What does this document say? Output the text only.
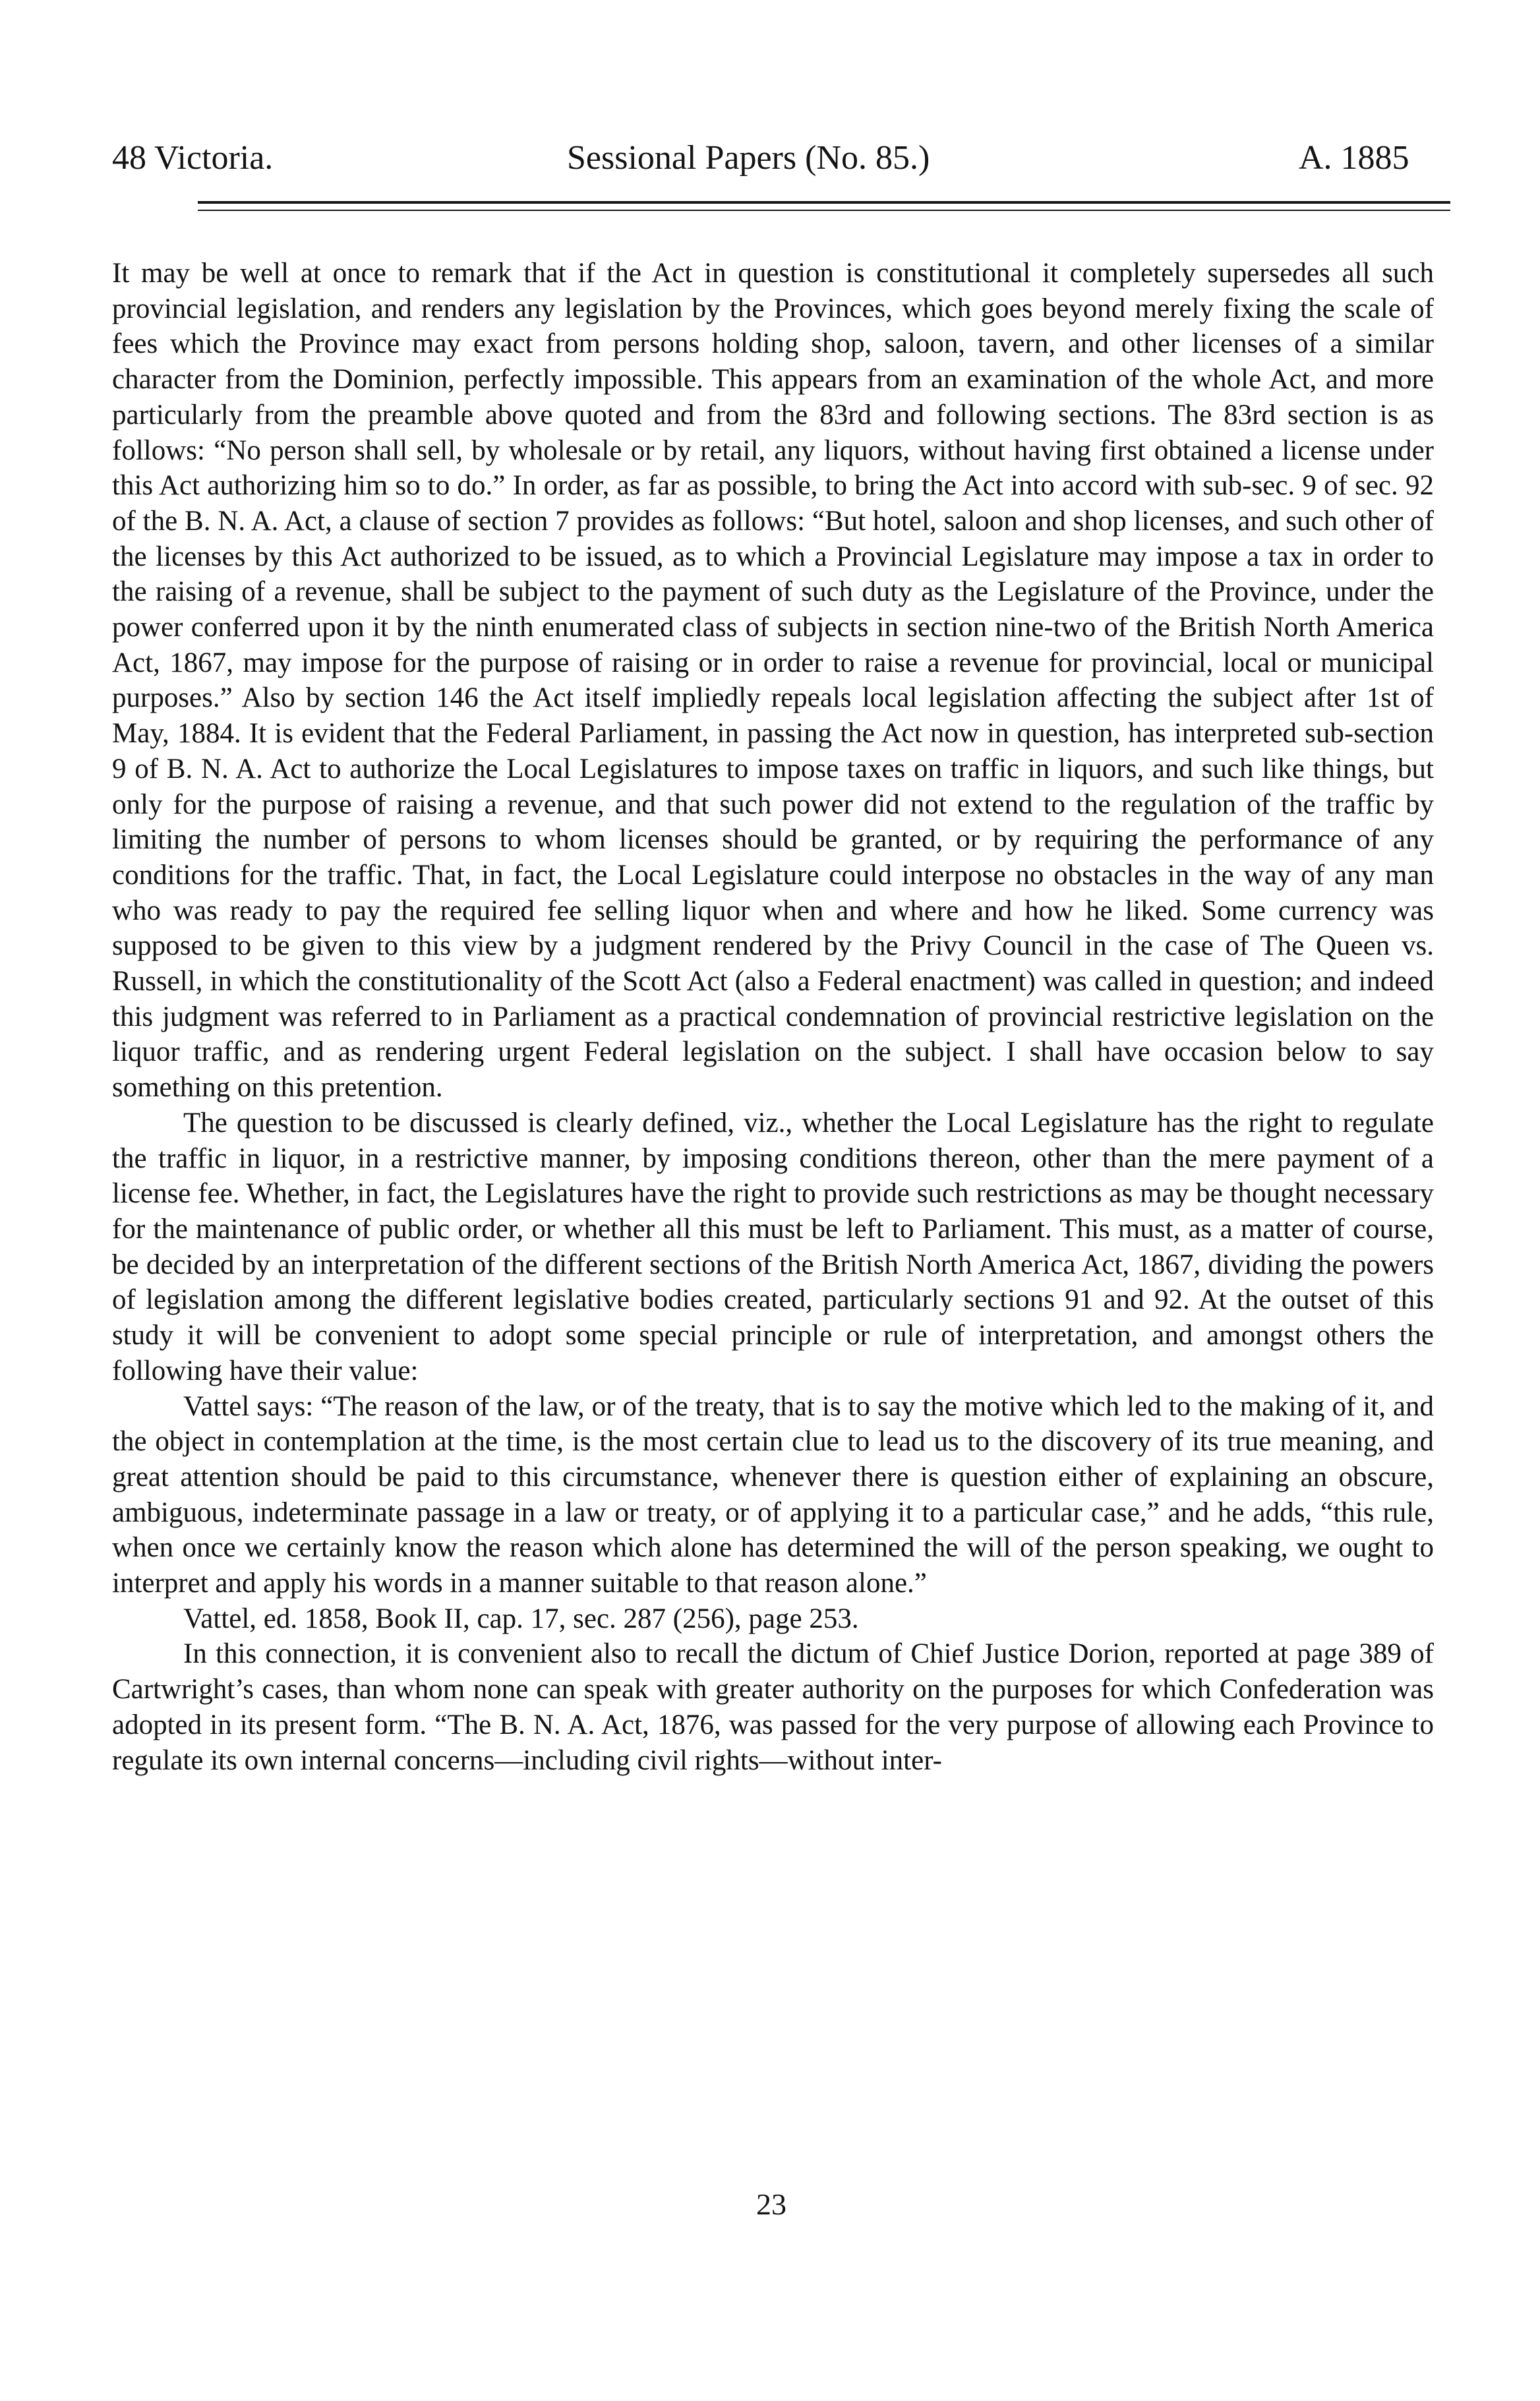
48 Victoria.	Sessional Papers (No. 85.)	A. 1885

It may be well at once to remark that if the Act in question is constitutional it completely supersedes all such provincial legislation, and renders any legislation by the Provinces, which goes beyond merely fixing the scale of fees which the Province may exact from persons holding shop, saloon, tavern, and other licenses of a similar character from the Dominion, perfectly impossible. This appears from an examination of the whole Act, and more particularly from the preamble above quoted and from the 83rd and following sections. The 83rd section is as follows: “No person shall sell, by wholesale or by retail, any liquors, without having first obtained a license under this Act authorizing him so to do.” In order, as far as possible, to bring the Act into accord with sub-sec. 9 of sec. 92 of the B. N. A. Act, a clause of section 7 provides as follows: “But hotel, saloon and shop licenses, and such other of the licenses by this Act authorized to be issued, as to which a Provincial Legislature may impose a tax in order to the raising of a revenue, shall be subject to the payment of such duty as the Legislature of the Province, under the power conferred upon it by the ninth enumerated class of subjects in section nine-two of the British North America Act, 1867, may impose for the purpose of raising or in order to raise a revenue for provincial, local or municipal purposes.” Also by section 146 the Act itself impliedly repeals local legislation affecting the subject after 1st of May, 1884. It is evident that the Federal Parliament, in passing the Act now in question, has interpreted sub-section 9 of B. N. A. Act to authorize the Local Legislatures to impose taxes on traffic in liquors, and such like things, but only for the purpose of raising a revenue, and that such power did not extend to the regulation of the traffic by limiting the number of persons to whom licenses should be granted, or by requiring the performance of any conditions for the traffic. That, in fact, the Local Legislature could interpose no obstacles in the way of any man who was ready to pay the required fee selling liquor when and where and how he liked. Some currency was supposed to be given to this view by a judgment rendered by the Privy Council in the case of The Queen vs. Russell, in which the constitutionality of the Scott Act (also a Federal enactment) was called in question; and indeed this judgment was referred to in Parliament as a practical condemnation of provincial restrictive legislation on the liquor traffic, and as rendering urgent Federal legislation on the subject. I shall have occasion below to say something on this pretention.

The question to be discussed is clearly defined, viz., whether the Local Legislature has the right to regulate the traffic in liquor, in a restrictive manner, by imposing conditions thereon, other than the mere payment of a license fee. Whether, in fact, the Legislatures have the right to provide such restrictions as may be thought necessary for the maintenance of public order, or whether all this must be left to Parliament. This must, as a matter of course, be decided by an interpretation of the different sections of the British North America Act, 1867, dividing the powers of legislation among the different legislative bodies created, particularly sections 91 and 92. At the outset of this study it will be convenient to adopt some special principle or rule of interpretation, and amongst others the following have their value:

Vattel says: “The reason of the law, or of the treaty, that is to say the motive which led to the making of it, and the object in contemplation at the time, is the most certain clue to lead us to the discovery of its true meaning, and great attention should be paid to this circumstance, whenever there is question either of explaining an obscure, ambiguous, indeterminate passage in a law or treaty, or of applying it to a particular case,” and he adds, “this rule, when once we certainly know the reason which alone has determined the will of the person speaking, we ought to interpret and apply his words in a manner suitable to that reason alone.”

Vattel, ed. 1858, Book II, cap. 17, sec. 287 (256), page 253.

In this connection, it is convenient also to recall the dictum of Chief Justice Dorion, reported at page 389 of Cartwright’s cases, than whom none can speak with greater authority on the purposes for which Confederation was adopted in its present form. “The B. N. A. Act, 1876, was passed for the very purpose of allowing each Province to regulate its own internal concerns—including civil rights—without inter-

23
